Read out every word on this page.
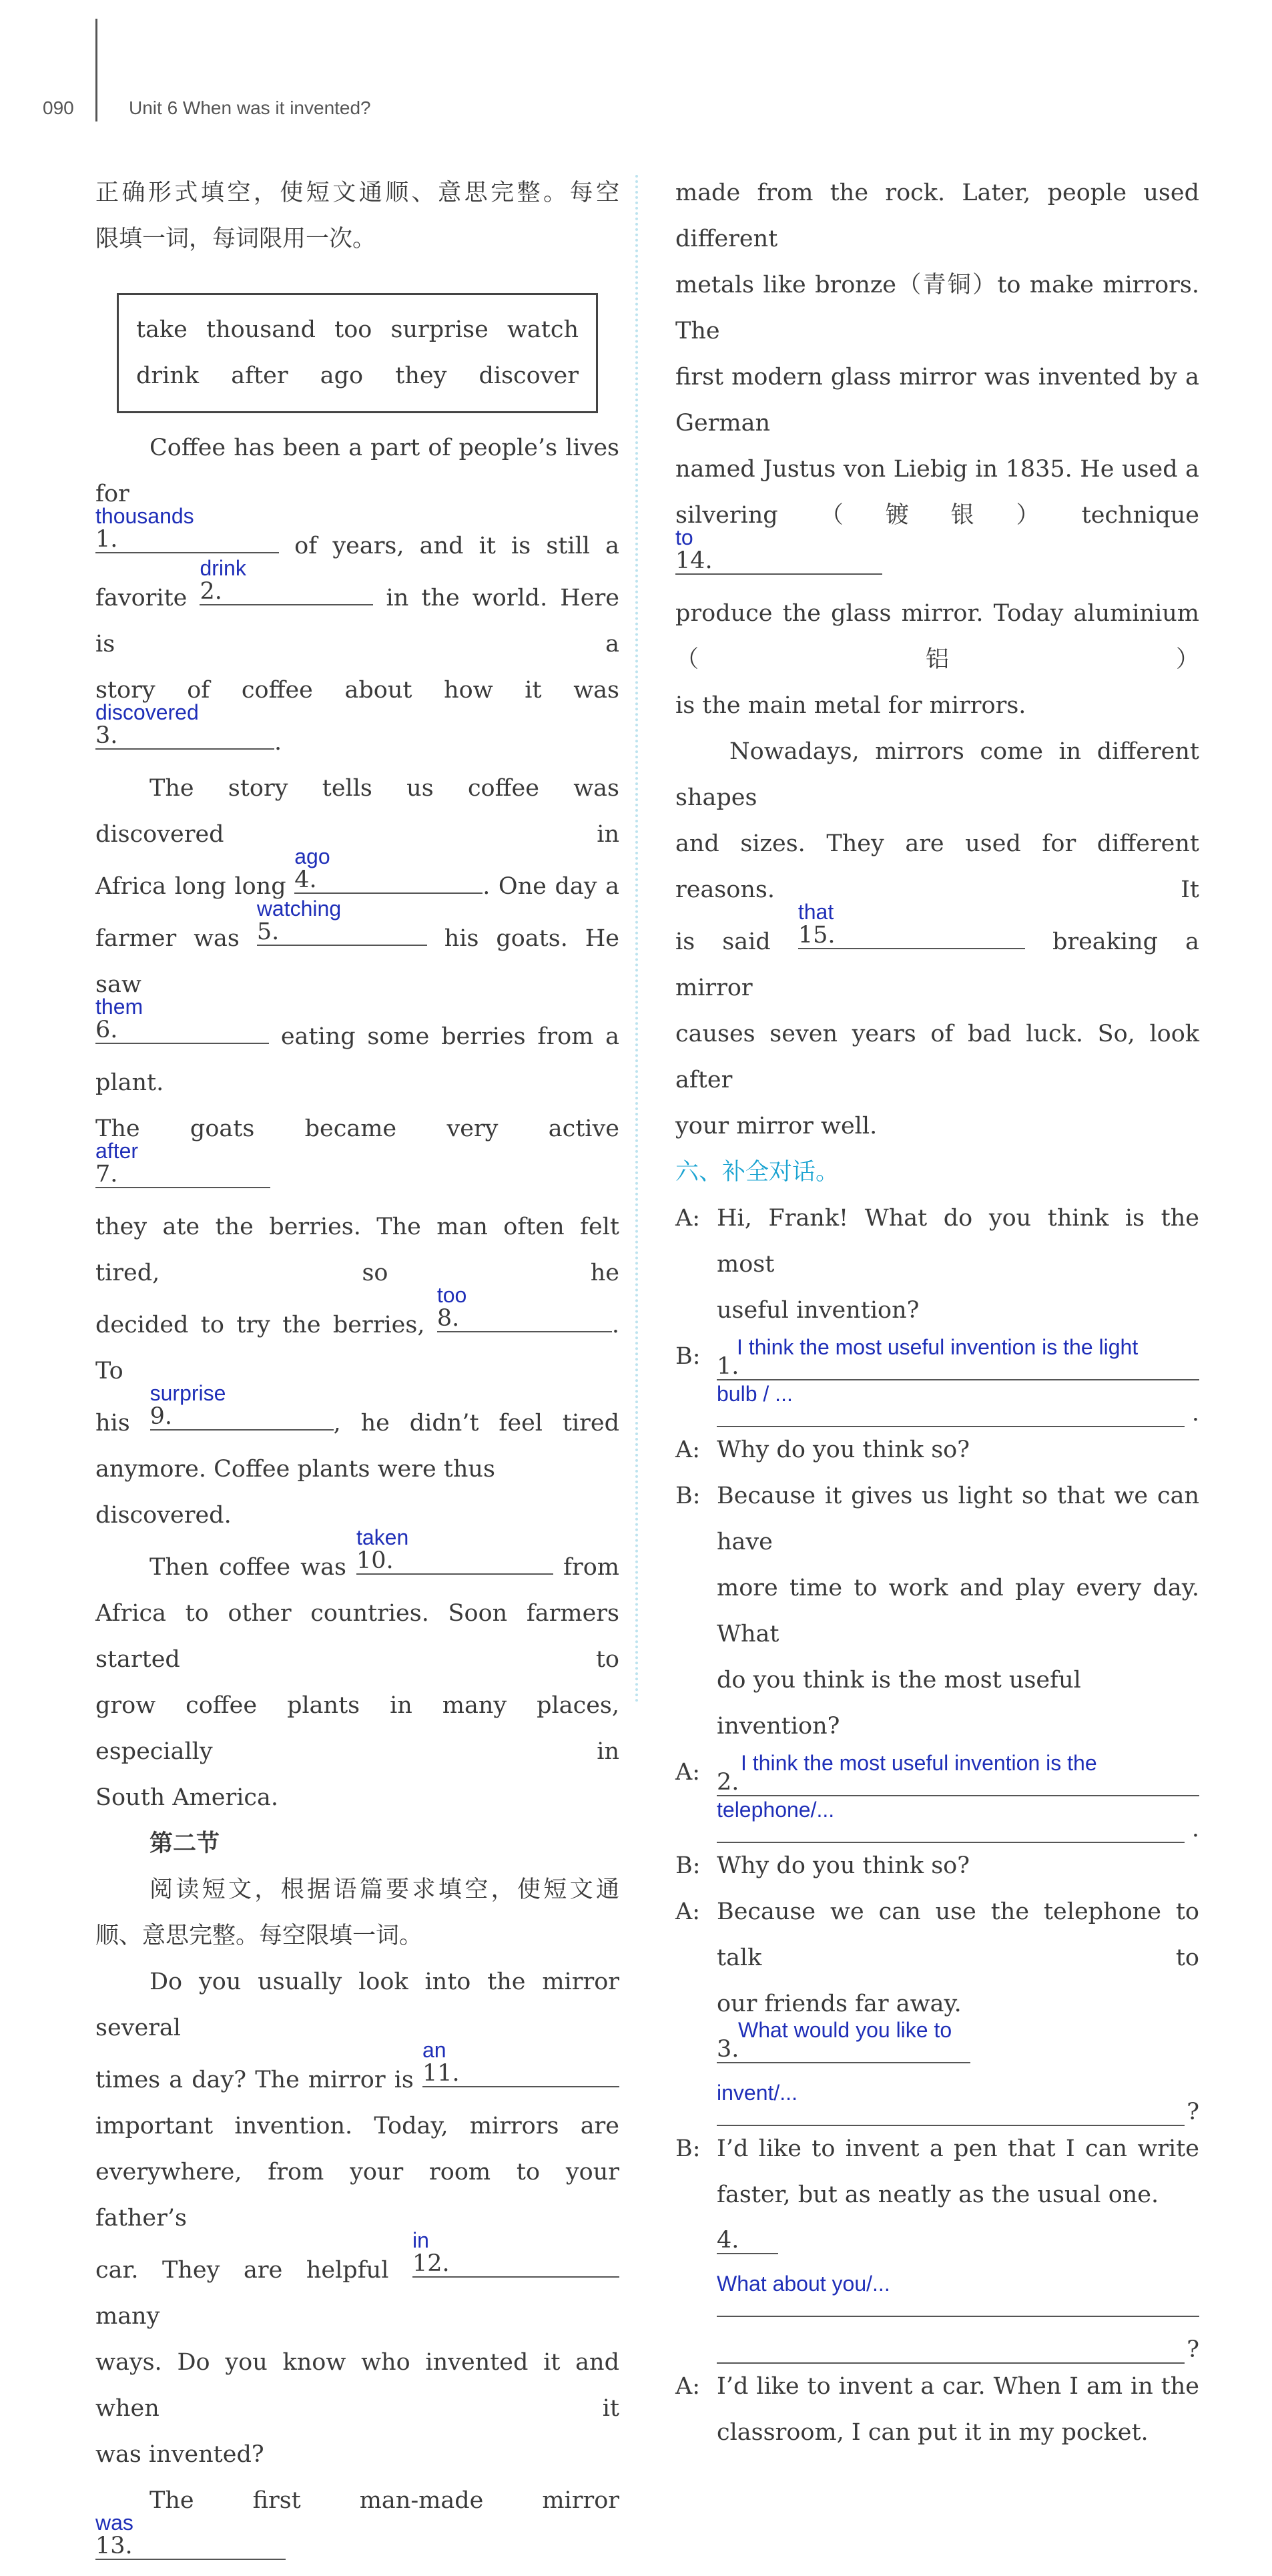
090	Unit 6 When was it invented?
正确形式填空，使短文通顺、意思完整。每空
限填一词，每词限用一次。
take thousand too surprise watch
drink after ago they discover
Coffee has been a part of people’s lives for
1.
thousands
of years, and it is still a
favorite 2.
drink
in the world. Here is a
story of coffee about how it was
3.
discovered
.
The story tells us coffee was discovered in
Africa long long 4.
ago
. One day a
farmer was 5.
watching
his goats. He saw
6.
them
eating some berries from a plant.
The goats became very active
7.
after
they ate the berries. The man often felt tired, so he
decided to try the berries, 8.
too
. To
his 9.
surprise
, he didn’t feel tired
anymore. Coffee plants were thus discovered.
Then coffee was 10.
taken
from
Africa to other countries. Soon farmers started to
grow coffee plants in many places, especially in
South America.
第二节
阅读短文，根据语篇要求填空，使短文通
顺、意思完整。每空限填一词。
Do you usually look into the mirror several
times a day? The mirror is 11.
an
important invention. Today, mirrors are
everywhere, from your room to your father’s
car. They are helpful 12.
in
many
ways. Do you know who invented it and when it
was invented?
The first man-made mirror
13.
was
made from the rock. Later, people used different
metals like bronze（青铜）to make mirrors. The
first modern glass mirror was invented by a German
named Justus von Liebig in 1835. He used a
silvering（镀银）technique
14.
to
produce the glass mirror. Today aluminium（铝）
is the main metal for mirrors.
Nowadays, mirrors come in different shapes
and sizes. They are used for different reasons. It
is said 15.
that
breaking a mirror
causes seven years of bad luck. So, look after
your mirror well.
六、补全对话。
A: Hi, Frank! What do you think is the most
useful invention?
B: 1.
I think the most useful invention is the light
bulb / ...
.
A: Why do you think so?
B: Because it gives us light so that we can have
more time to work and play every day. What
do you think is the most useful invention?
A: 2.
I think the most useful invention is the
telephone/...
.
B: Why do you think so?
A: Because we can use the telephone to talk to
our friends far away.
3.
What would you like to
invent/...
?
B: I’d like to invent a pen that I can write
faster, but as neatly as the usual one.
4.
What about you/...
?
A: I’d like to invent a car. When I am in the
classroom, I can put it in my pocket.
